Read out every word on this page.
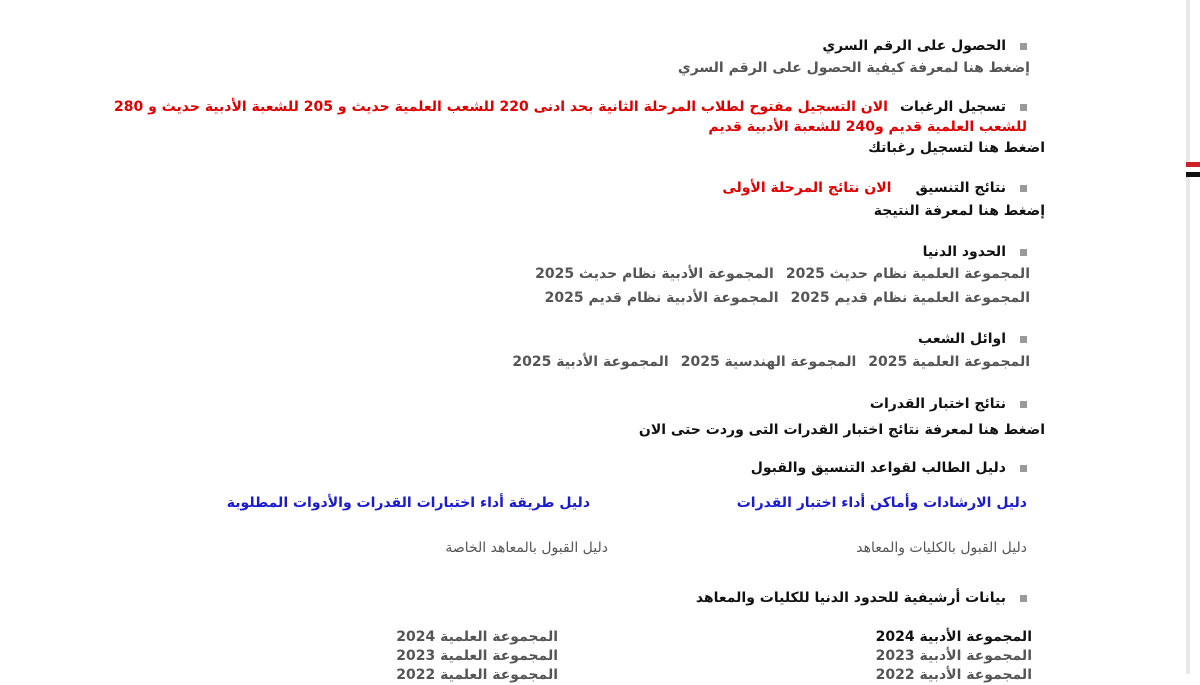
الحصول على الرقم السري
إضغط هنا لمعرفة كيفية الحصول على الرقم السري
تسجيل الرغباتالان التسجيل مفتوح لطلاب المرحلة الثانية بحد ادنى 220 للشعب العلمية حديث و 205 للشعبة الأدبية حديث و 280 للشعب العلمية قديم و240 للشعبة الأدبية قديم
اضغط هنا لتسجيل رغباتك
نتائج التنسيقالان نتائج المرحلة الأولى
إضغط هنا لمعرفة النتيجة
الحدود الدنيا
المجموعة العلمية نظام حديث 2025المجموعة الأدبية نظام حديث 2025
المجموعة العلمية نظام قديم 2025المجموعة الأدبية نظام قديم 2025
اوائل الشعب
المجموعة العلمية 2025المجموعة الهندسية 2025المجموعة الأدبية 2025
نتائج اختبار القدرات
اضغط هنا لمعرفة نتائج اختبار القدرات التى وردت حتى الان
دليل الطالب لقواعد التنسيق والقبول
دليل الارشادات وأماكن أداء اختبار القدرات
دليل طريقة أداء اختبارات القدرات والأدوات المطلوبة
دليل القبول بالكليات والمعاهد
دليل القبول بالمعاهد الخاصة
بيانات أرشيفية للحدود الدنيا للكليات والمعاهد
المجموعة الأدبية 2024
المجموعة الأدبية 2023
المجموعة الأدبية 2022
المجموعة العلمية 2024
المجموعة العلمية 2023
المجموعة العلمية 2022
